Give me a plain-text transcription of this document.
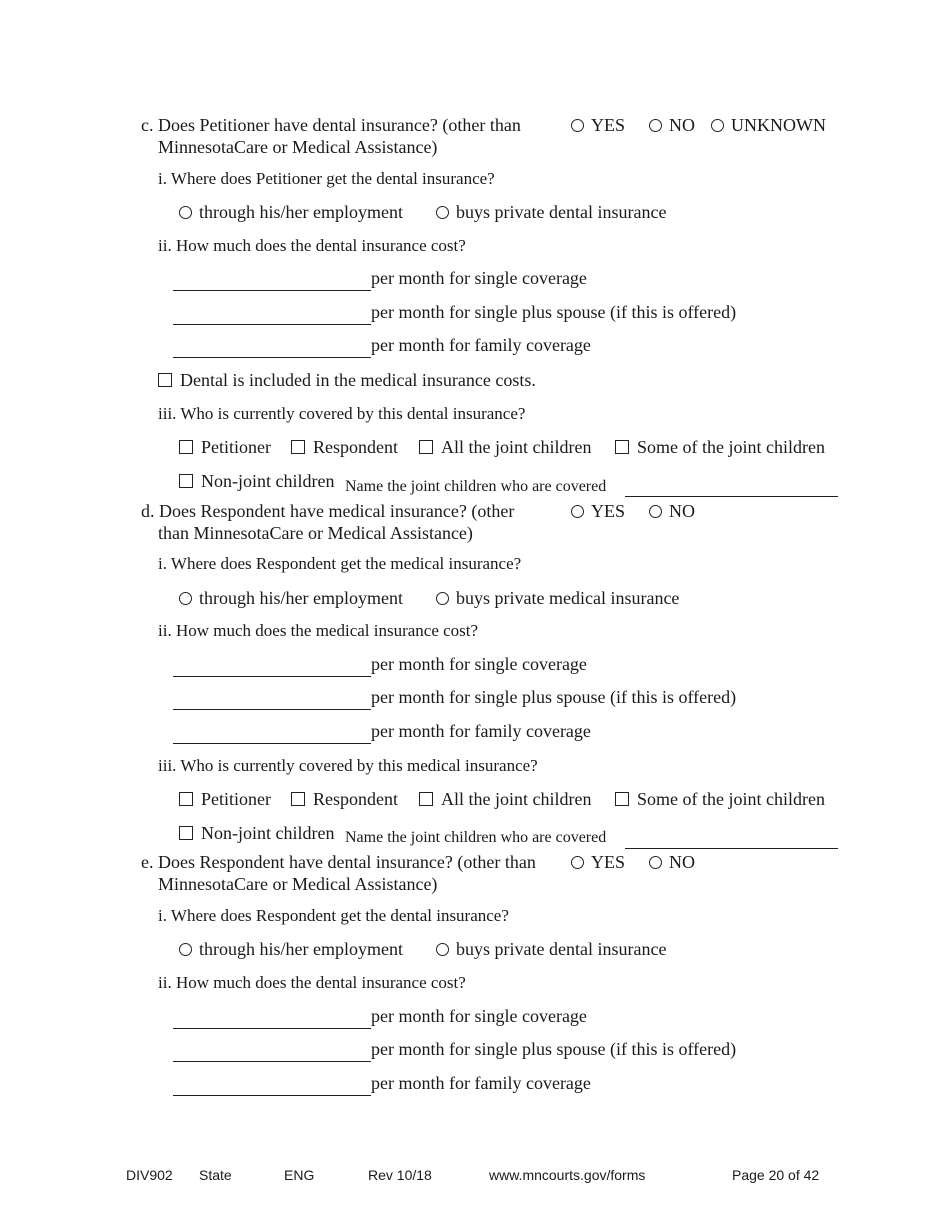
c. Does Petitioner have dental insurance? (other than
MinnesotaCare or Medical Assistance)
YES NO UNKNOWN
i. Where does Petitioner get the dental insurance?
through his/her employment	buys private dental insurance
ii. How much does the dental insurance cost?
per month for single coverage
per month for single plus spouse (if this is offered)
per month for family coverage
Dental is included in the medical insurance costs.
iii. Who is currently covered by this dental insurance?
Petitioner Respondent All the joint children	Some of the joint children
Non-joint children Name the joint children who are covered
d. Does Respondent have medical insurance? (other
than MinnesotaCare or Medical Assistance)
YES NO
i. Where does Respondent get the medical insurance?
through his/her employment	buys private medical insurance
ii. How much does the medical insurance cost?
per month for single coverage
per month for single plus spouse (if this is offered)
per month for family coverage
iii. Who is currently covered by this medical insurance?
Petitioner Respondent All the joint children	Some of the joint children
Non-joint children Name the joint children who are covered
e. Does Respondent have dental insurance? (other than
MinnesotaCare or Medical Assistance)
YES NO
i. Where does Respondent get the dental insurance?
through his/her employment	buys private dental insurance
ii. How much does the dental insurance cost?
per month for single coverage
per month for single plus spouse (if this is offered)
per month for family coverage
DIV902 State	ENG	Rev 10/18	www.mncourts.gov/forms	Page 20 of 42
